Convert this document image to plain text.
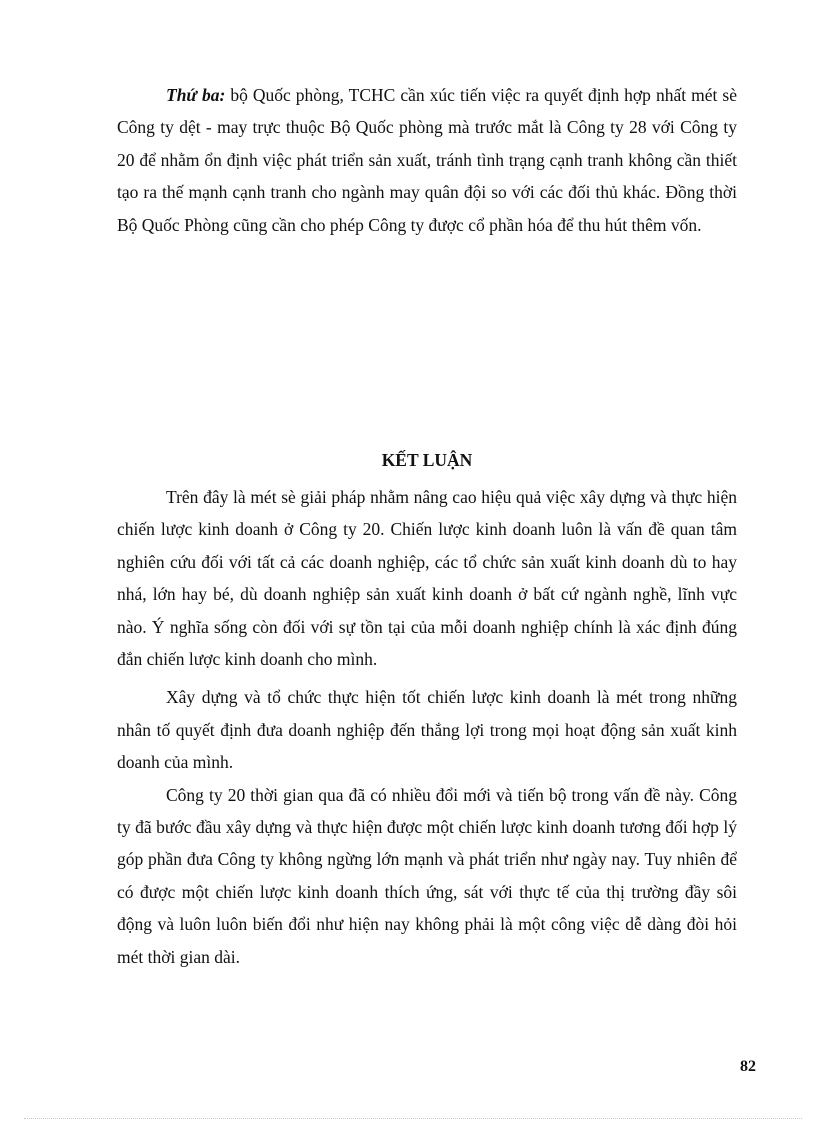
Thứ ba: bộ Quốc phòng, TCHC cần xúc tiến việc ra quyết định hợp nhất mét sè Công ty dệt - may trực thuộc Bộ Quốc phòng mà trước mắt là Công ty 28 với Công ty 20 để nhằm ổn định việc phát triển sản xuất, tránh tình trạng cạnh tranh không cần thiết tạo ra thế mạnh cạnh tranh cho ngành may quân đội so với các đối thủ khác. Đồng thời Bộ Quốc Phòng cũng cần cho phép Công ty được cổ phần hóa để thu hút thêm vốn.

KẾT LUẬN

Trên đây là mét sè giải pháp nhằm nâng cao hiệu quả việc xây dựng và thực hiện chiến lược kinh doanh ở Công ty 20. Chiến lược kinh doanh luôn là vấn đề quan tâm nghiên cứu đối với tất cả các doanh nghiệp, các tổ chức sản xuất kinh doanh dù to hay nhá, lớn hay bé, dù doanh nghiệp sản xuất kinh doanh ở bất cứ ngành nghề, lĩnh vực nào. Ý nghĩa sống còn đối với sự tồn tại của mỗi doanh nghiệp chính là xác định đúng đắn chiến lược kinh doanh cho mình.

Xây dựng và tổ chức thực hiện tốt chiến lược kinh doanh là mét trong những nhân tố quyết định đưa doanh nghiệp đến thắng lợi trong mọi hoạt động sản xuất kinh doanh của mình.

Công ty 20 thời gian qua đã có nhiều đổi mới và tiến bộ trong vấn đề này. Công ty đã bước đầu xây dựng và thực hiện được một chiến lược kinh doanh tương đối hợp lý góp phần đưa Công ty không ngừng lớn mạnh và phát triển như ngày nay. Tuy nhiên để có được một chiến lược kinh doanh thích ứng, sát với thực tế của thị trường đầy sôi động và luôn luôn biến đổi như hiện nay không phải là một công việc dễ dàng đòi hỏi mét thời gian dài.

82
